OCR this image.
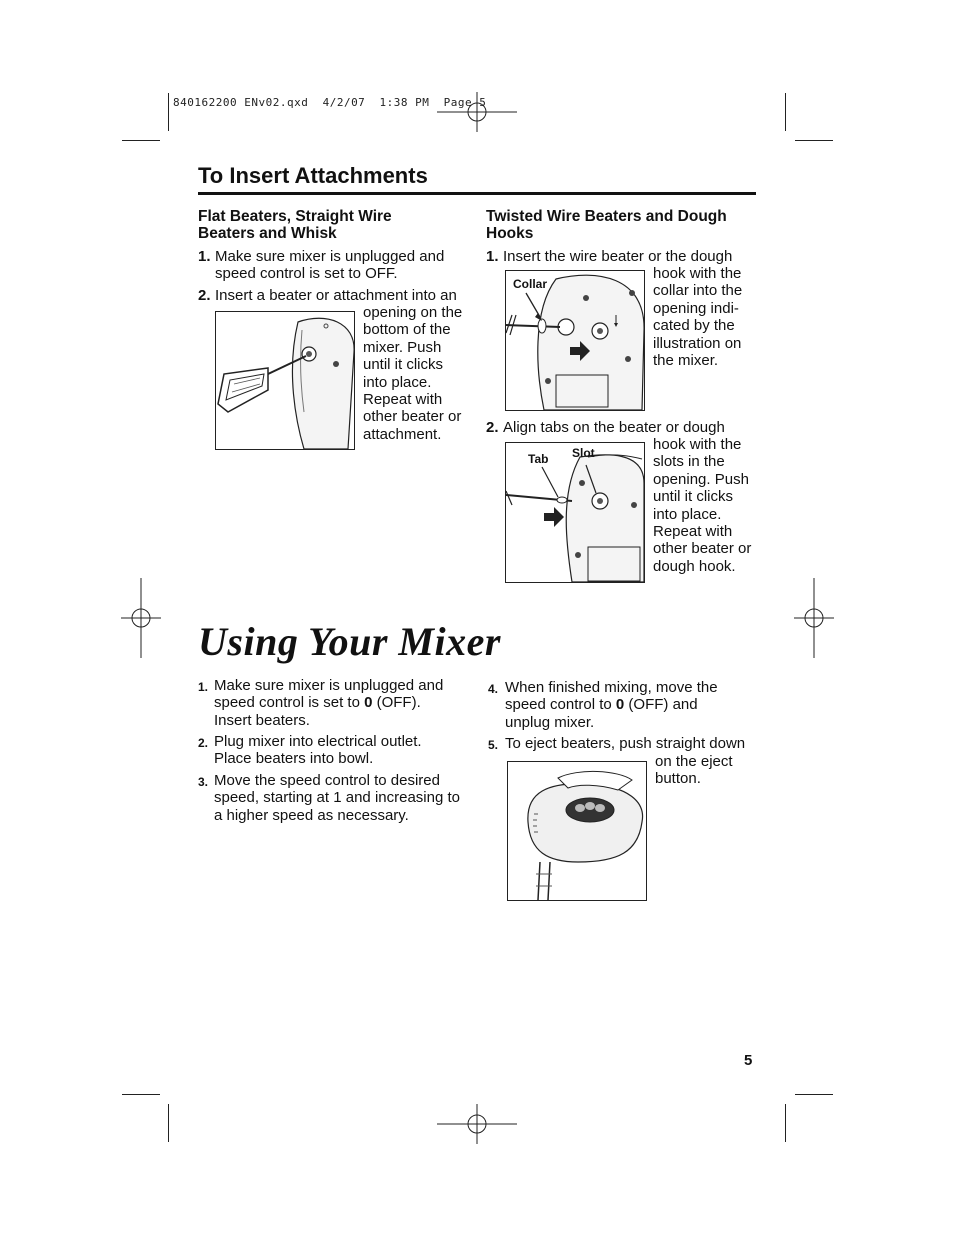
840162200 ENv02.qxd  4/2/07  1:38 PM  Page 5
To Insert Attachments
Flat Beaters, Straight Wire
Beaters and Whisk
1. Make sure mixer is unplugged and
speed control is set to OFF.
2. Insert a beater or attachment into an
opening on the
bottom of the
mixer. Push
until it clicks
into place.
Repeat with
other beater or
attachment.
Twisted Wire Beaters and Dough
Hooks
1. Insert the wire beater or the dough
hook with the
collar into the
opening indi-
cated by the
illustration on
the mixer.
Collar
2. Align tabs on the beater or dough
hook with the
slots in the
opening. Push
until it clicks
into place.
Repeat with
other beater or
dough hook.
Tab Slot
Using Your Mixer
1. Make sure mixer is unplugged and
speed control is set to 0 (OFF).
Insert beaters.
2. Plug mixer into electrical outlet.
Place beaters into bowl.
3. Move the speed control to desired
speed, starting at 1 and increasing to
a higher speed as necessary.
4. When finished mixing, move the
speed control to 0 (OFF) and
unplug mixer.
5. To eject beaters, push straight down
on the eject
button.
5
